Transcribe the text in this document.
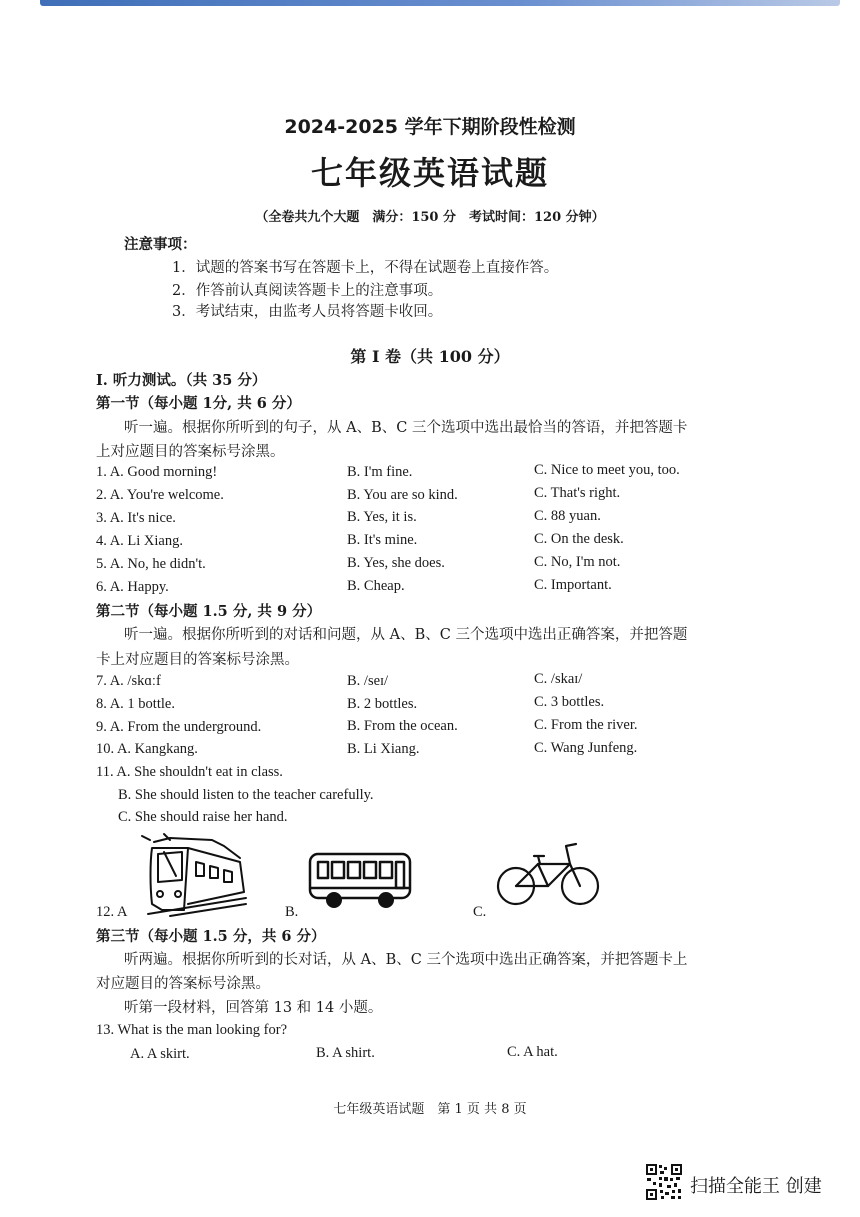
2024-2025 学年下期阶段性检测
七年级英语试题
（全卷共九个大题　满分：150 分　考试时间：120 分钟）
注意事项：
1．试题的答案书写在答题卡上，不得在试题卷上直接作答。
2．作答前认真阅读答题卡上的注意事项。
3．考试结束，由监考人员将答题卡收回。
第 I 卷（共 100 分）
I. 听力测试。（共 35 分）
第一节（每小题 1分, 共 6 分）
听一遍。根据你所听到的句子，从 A、B、C 三个选项中选出最恰当的答语，并把答题卡
上对应题目的答案标号涂黑。
1. A. Good morning!	B. I'm fine.	C. Nice to meet you, too.
2. A. You're welcome.	B. You are so kind.	C. That's right.
3. A. It's nice.	B. Yes, it is.	C. 88 yuan.
4. A. Li Xiang.	B. It's mine.	C. On the desk.
5. A. No, he didn't.	B. Yes, she does.	C. No, I'm not.
6. A. Happy.	B. Cheap.	C. Important.
第二节（每小题 1.5 分, 共 9 分）
听一遍。根据你所听到的对话和问题，从 A、B、C 三个选项中选出正确答案，并把答题
卡上对应题目的答案标号涂黑。
7. A. /skɑːf	B. /seɪ/	C. /skaɪ/
8. A. 1 bottle.	B. 2 bottles.	C. 3 bottles.
9. A. From the underground.	B. From the ocean.	C. From the river.
10. A. Kangkang.	B. Li Xiang.	C. Wang Junfeng.
11. A. She shouldn't eat in class.
B. She should listen to the teacher carefully.
C. She should raise her hand.
12. A	B.	C.
第三节（每小题 1.5 分，共 6 分）
听两遍。根据你所听到的长对话，从 A、B、C 三个选项中选出正确答案，并把答题卡上
对应题目的答案标号涂黑。
听第一段材料，回答第 13 和 14 小题。
13. What is the man looking for?
A. A skirt.	B. A shirt.	C. A hat.
七年级英语试题　第 1 页 共 8 页
扫描全能王 创建
